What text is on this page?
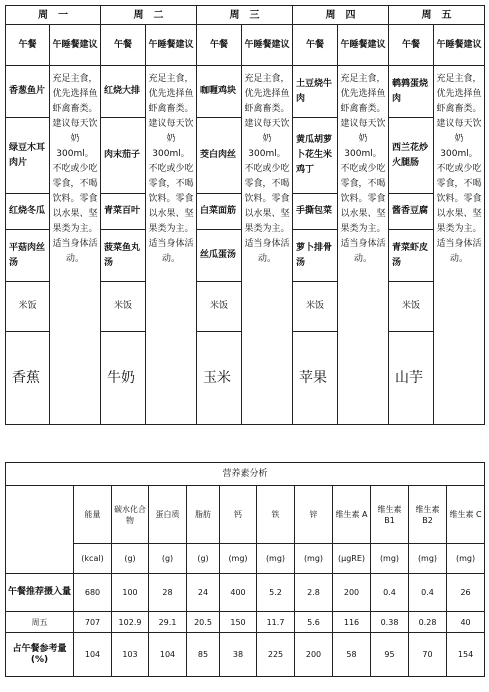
周　一		周　二		周　三		周　四		周　五	
午餐	午睡餐建议	午餐	午睡餐建议	午餐	午睡餐建议	午餐	午睡餐建议	午餐	午睡餐建议
香葱鱼片	充足主食，优先选择鱼虾禽畜类。建议每天饮奶300ml。不吃或少吃零食，不喝饮料。零食以水果、坚果类为主。适当身体活动。	红烧大排	充足主食，优先选择鱼虾禽畜类。建议每天饮奶300ml。不吃或少吃零食，不喝饮料。零食以水果、坚果类为主。适当身体活动。	咖喱鸡块	充足主食，优先选择鱼虾禽畜类。建议每天饮奶300ml。不吃或少吃零食，不喝饮料。零食以水果、坚果类为主。适当身体活动。	土豆烧牛肉	充足主食，优先选择鱼虾禽畜类。建议每天饮奶300ml。不吃或少吃零食，不喝饮料。零食以水果、坚果类为主。适当身体活动。	鹌鹑蛋烧肉	充足主食，优先选择鱼虾禽畜类。建议每天饮奶300ml。不吃或少吃零食，不喝饮料。零食以水果、坚果类为主。适当身体活动。
绿豆木耳肉片		肉末茄子		茭白肉丝		黄瓜胡萝卜花生米鸡丁		西兰花炒火腿肠	
红烧冬瓜		青菜百叶		白菜面筋		手撕包菜		酱香豆腐	
平菇肉丝汤		菠菜鱼丸汤		丝瓜蛋汤		萝卜排骨汤		青菜虾皮汤	
米饭		米饭		米饭		米饭		米饭	
香蕉		牛奶		玉米		苹果		山芋	
营养素分析											
	能量	碳水化合物	蛋白质	脂肪	钙	铁	锌	维生素 A	维生素 B1	维生素 B2	维生素 C
	(kcal)	(g)	(g)	(g)	(mg)	(mg)	(mg)	(μgRE)	(mg)	(mg)	(mg)
午餐推荐摄入量	680	100	28	24	400	5.2	2.8	200	0.4	0.4	26
周五	707	102.9	29.1	20.5	150	11.7	5.6	116	0.38	0.28	40
占午餐参考量(%)	104	103	104	85	38	225	200	58	95	70	154
